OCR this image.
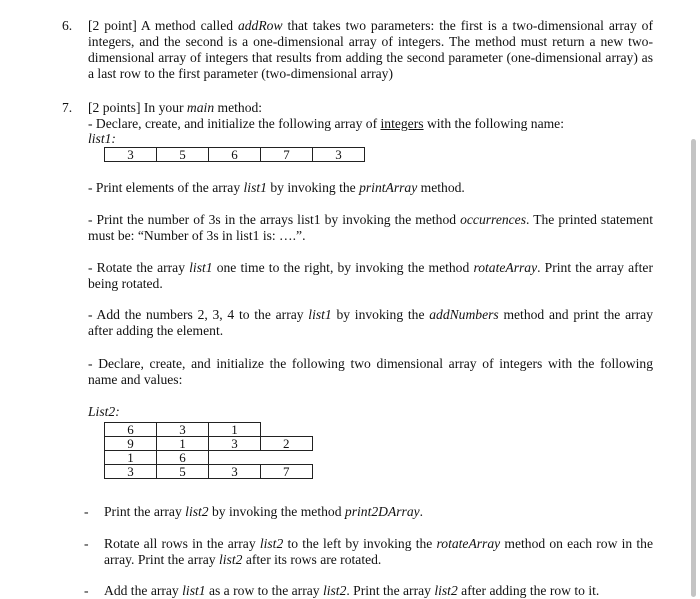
6. [2 point] A method called addRow that takes two parameters: the first is a two-dimensional array of integers, and the second is a one-dimensional array of integers. The method must return a new two-dimensional array of integers that results from adding the second parameter (one-dimensional array) as a last row to the first parameter (two-dimensional array)
7. [2 points] In your main method:
- Declare, create, and initialize the following array of integers with the following name:
list1:
3	5	6	7	3
- Print elements of the array list1 by invoking the printArray method.
- Print the number of 3s in the arrays list1 by invoking the method occurrences. The printed statement must be: “Number of 3s in list1 is: ….”.
- Rotate the array list1 one time to the right, by invoking the method rotateArray. Print the array after being rotated.
- Add the numbers 2, 3, 4 to the array list1 by invoking the addNumbers method and print the array after adding the element.
- Declare, create, and initialize the following two dimensional array of integers with the following name and values:
List2:
6	3	1	
9	1	3	2
1	6		
3	5	3	7
- Print the array list2 by invoking the method print2DArray.
- Rotate all rows in the array list2 to the left by invoking the rotateArray method on each row in the array. Print the array list2 after its rows are rotated.
- Add the array list1 as a row to the array list2. Print the array list2 after adding the row to it.
